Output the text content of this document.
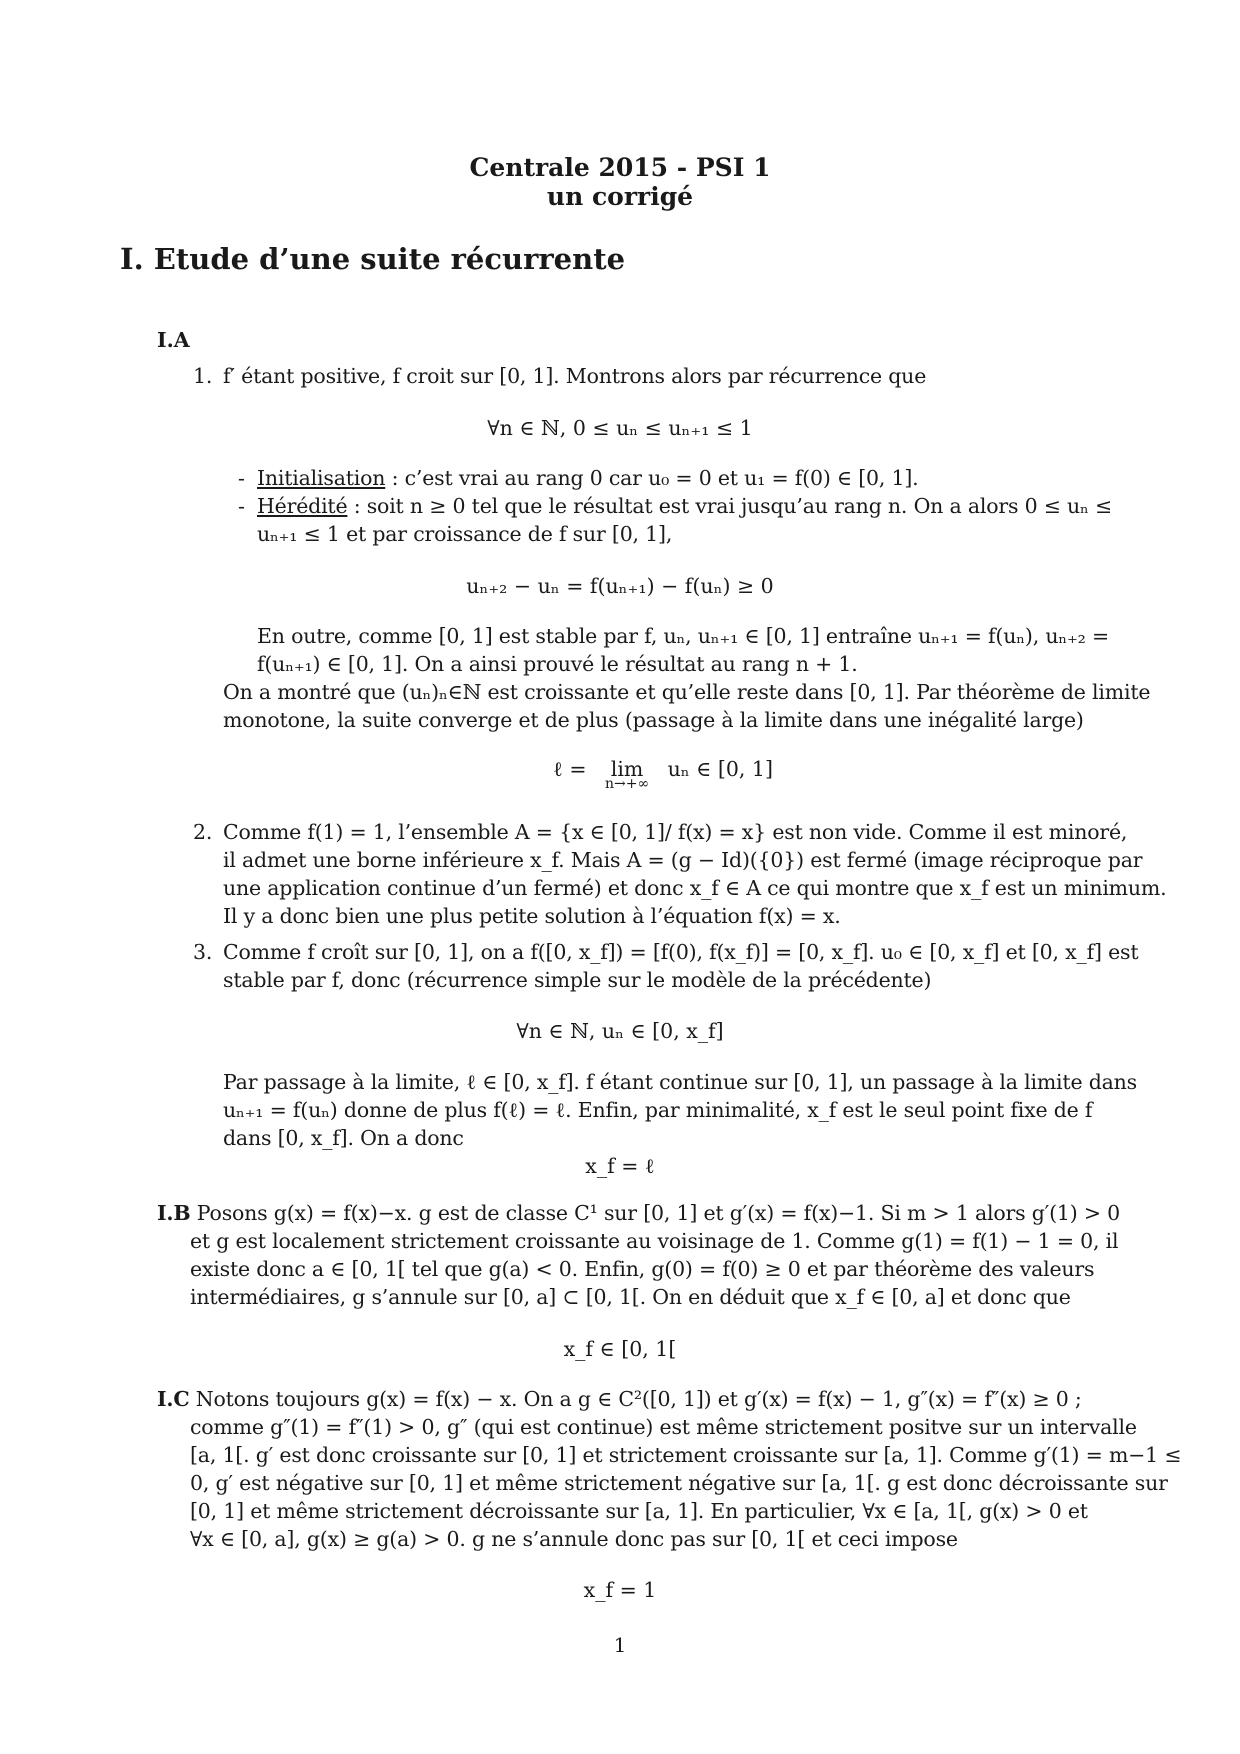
Centrale 2015 - PSI 1
un corrigé
I. Etude d’une suite récurrente
I.A
1. f′ étant positive, f croit sur [0, 1]. Montrons alors par récurrence que
∀n ∈ ℕ, 0 ≤ uₙ ≤ uₙ₊₁ ≤ 1
- Initialisation : c’est vrai au rang 0 car u₀ = 0 et u₁ = f(0) ∈ [0, 1].
- Hérédité : soit n ≥ 0 tel que le résultat est vrai jusqu’au rang n. On a alors 0 ≤ uₙ ≤
uₙ₊₁ ≤ 1 et par croissance de f sur [0, 1],
uₙ₊₂ − uₙ = f(uₙ₊₁) − f(uₙ) ≥ 0
En outre, comme [0, 1] est stable par f, uₙ, uₙ₊₁ ∈ [0, 1] entraîne uₙ₊₁ = f(uₙ), uₙ₊₂ =
f(uₙ₊₁) ∈ [0, 1]. On a ainsi prouvé le résultat au rang n + 1.
On a montré que (uₙ)ₙ∈ℕ est croissante et qu’elle reste dans [0, 1]. Par théorème de limite
monotone, la suite converge et de plus (passage à la limite dans une inégalité large)
ℓ = lim
n→+∞
uₙ ∈ [0, 1]
2. Comme f(1) = 1, l’ensemble A = {x ∈ [0, 1]/ f(x) = x} est non vide. Comme il est minoré,
il admet une borne inférieure x_f. Mais A = (g − Id)({0}) est fermé (image réciproque par
une application continue d’un fermé) et donc x_f ∈ A ce qui montre que x_f est un minimum.
Il y a donc bien une plus petite solution à l’équation f(x) = x.
3. Comme f croît sur [0, 1], on a f([0, x_f]) = [f(0), f(x_f)] = [0, x_f]. u₀ ∈ [0, x_f] et [0, x_f] est
stable par f, donc (récurrence simple sur le modèle de la précédente)
∀n ∈ ℕ, uₙ ∈ [0, x_f]
Par passage à la limite, ℓ ∈ [0, x_f]. f étant continue sur [0, 1], un passage à la limite dans
uₙ₊₁ = f(uₙ) donne de plus f(ℓ) = ℓ. Enfin, par minimalité, x_f est le seul point fixe de f
dans [0, x_f]. On a donc
x_f = ℓ
I.B Posons g(x) = f(x)−x. g est de classe C¹ sur [0, 1] et g′(x) = f(x)−1. Si m > 1 alors g′(1) > 0
et g est localement strictement croissante au voisinage de 1. Comme g(1) = f(1) − 1 = 0, il
existe donc a ∈ [0, 1[ tel que g(a) < 0. Enfin, g(0) = f(0) ≥ 0 et par théorème des valeurs
intermédiaires, g s’annule sur [0, a] ⊂ [0, 1[. On en déduit que x_f ∈ [0, a] et donc que
x_f ∈ [0, 1[
I.C Notons toujours g(x) = f(x) − x. On a g ∈ C²([0, 1]) et g′(x) = f(x) − 1, g″(x) = f″(x) ≥ 0 ;
comme g″(1) = f″(1) > 0, g″ (qui est continue) est même strictement positve sur un intervalle
[a, 1[. g′ est donc croissante sur [0, 1] et strictement croissante sur [a, 1]. Comme g′(1) = m−1 ≤
0, g′ est négative sur [0, 1] et même strictement négative sur [a, 1[. g est donc décroissante sur
[0, 1] et même strictement décroissante sur [a, 1]. En particulier, ∀x ∈ [a, 1[, g(x) > 0 et
∀x ∈ [0, a], g(x) ≥ g(a) > 0. g ne s’annule donc pas sur [0, 1[ et ceci impose
x_f = 1
1
